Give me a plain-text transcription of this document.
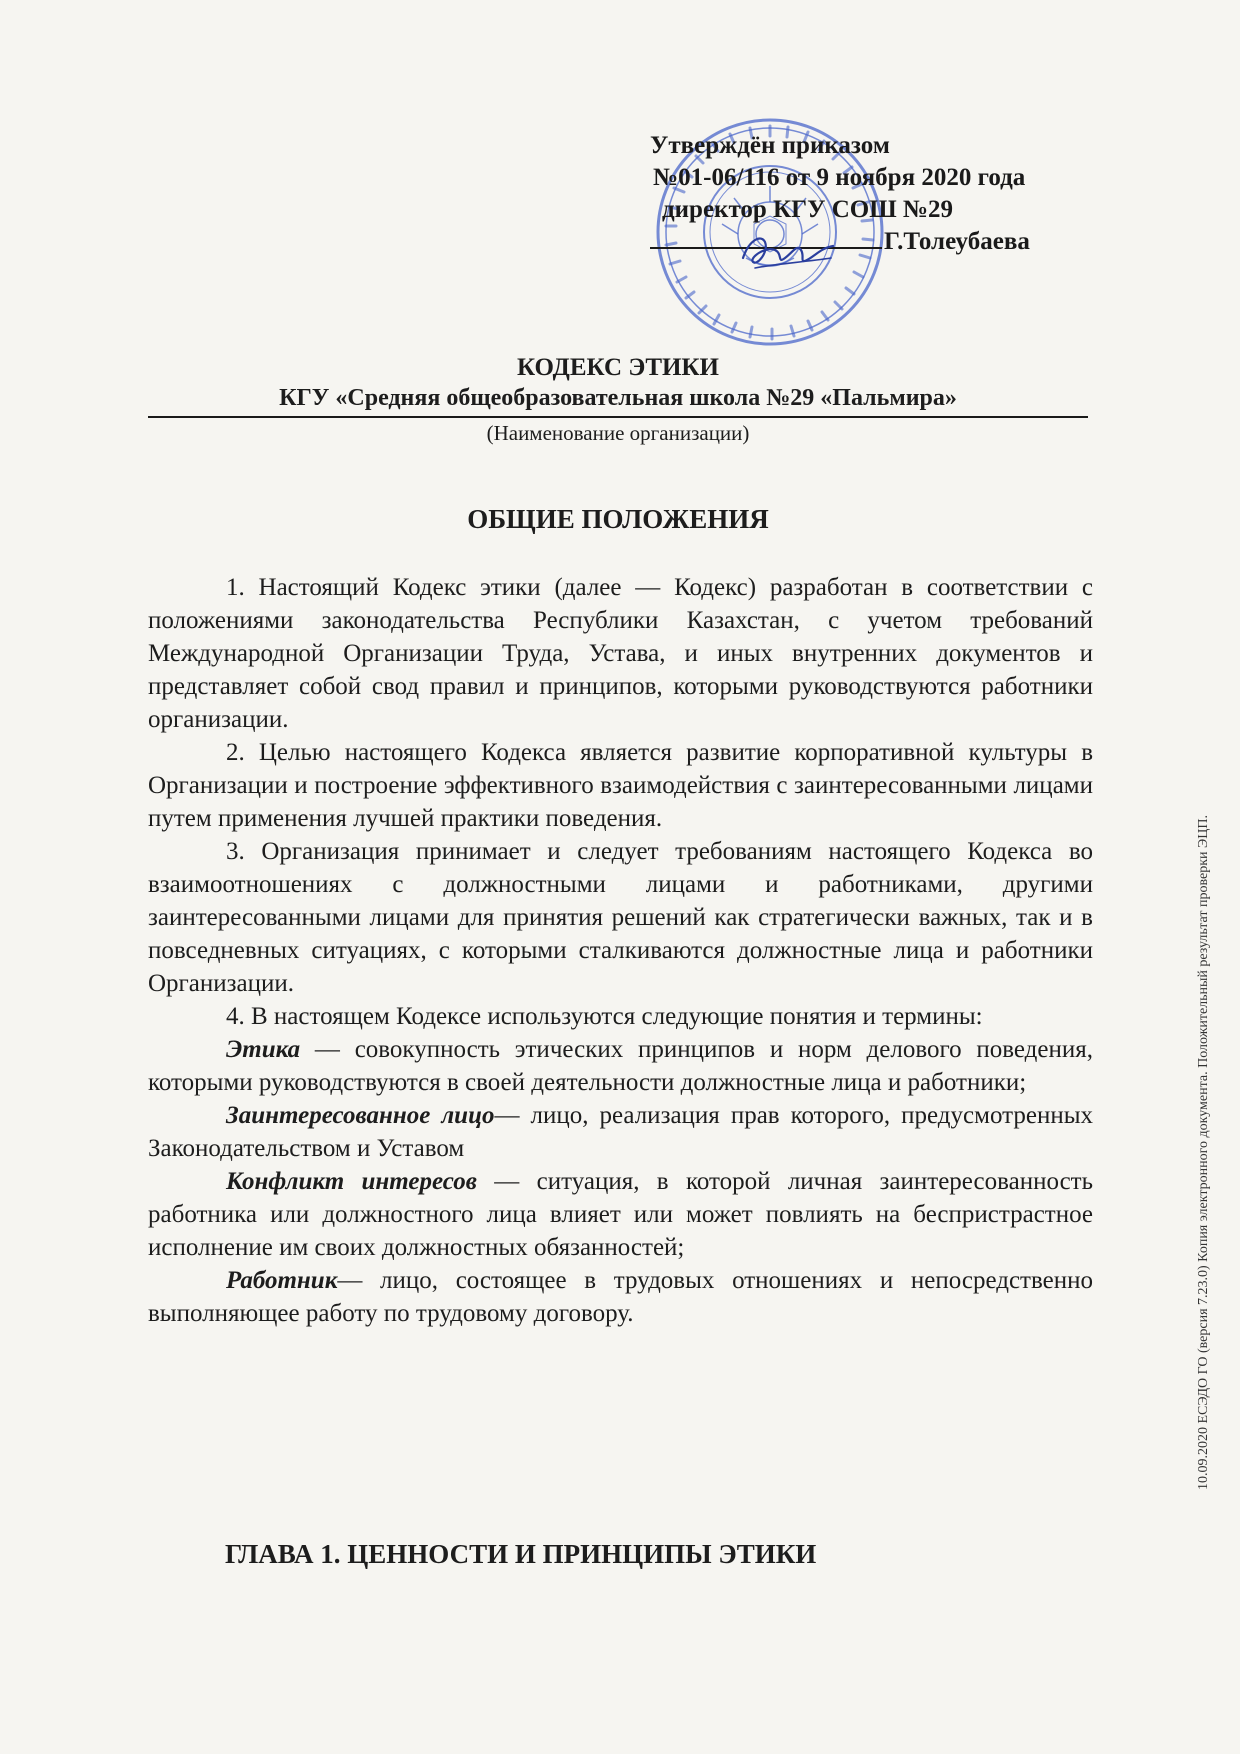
Утверждён приказом
№01-06/116 от 9 ноября 2020 года
директор КГУ СОШ №29
Г.Толеубаева

КОДЕКС ЭТИКИ

КГУ «Средняя общеобразовательная школа №29 «Пальмира»

(Наименование организации)

ОБЩИЕ ПОЛОЖЕНИЯ

1. Настоящий Кодекс этики (далее — Кодекс) разработан в соответствии с положениями законодательства Республики Казахстан, с учетом требований Международной Организации Труда, Устава, и иных внутренних документов и представляет собой свод правил и принципов, которыми руководствуются работники организации.

2. Целью настоящего Кодекса является развитие корпоративной культуры в Организации и построение эффективного взаимодействия с заинтересованными лицами путем применения лучшей практики поведения.

3. Организация принимает и следует требованиям настоящего Кодекса во взаимоотношениях с должностными лицами и работниками, другими заинтересованными лицами для принятия решений как стратегически важных, так и в повседневных ситуациях, с которыми сталкиваются должностные лица и работники Организации.

4. В настоящем Кодексе используются следующие понятия и термины:

Этика — совокупность этических принципов и норм делового поведения, которыми руководствуются в своей деятельности должностные лица и работники;

Заинтересованное лицо— лицо, реализация прав которого, предусмотренных Законодательством и Уставом

Конфликт интересов — ситуация, в которой личная заинтересованность работника или должностного лица влияет или может повлиять на беспристрастное исполнение им своих должностных обязанностей;

Работник— лицо, состоящее в трудовых отношениях и непосредственно выполняющее работу по трудовому договору.

ГЛАВА 1. ЦЕННОСТИ И ПРИНЦИПЫ ЭТИКИ
10.09.2020 ЕСЭДО ГО (версия 7.23.0) Копия электронного документа. Положительный результат проверки ЭЦП.
